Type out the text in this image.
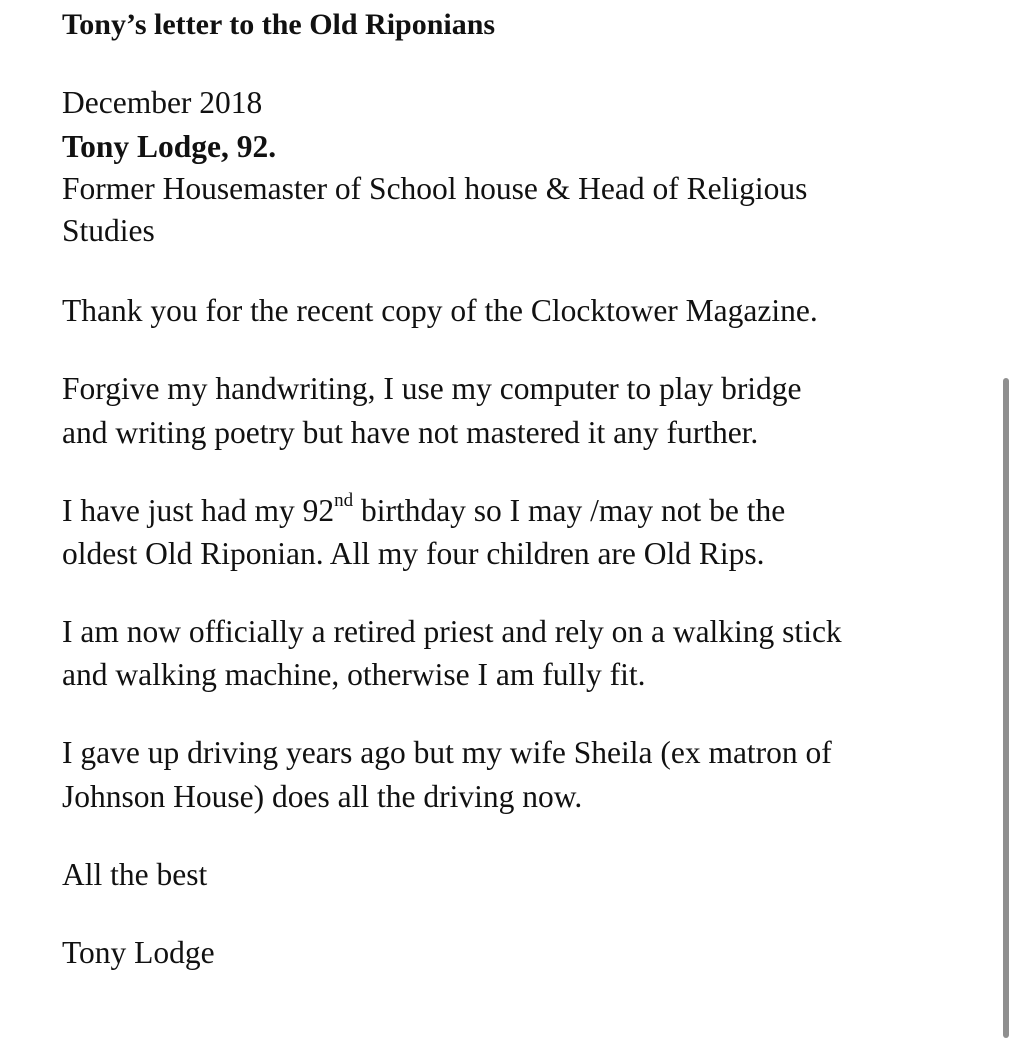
Tony’s letter to the Old Riponians
December 2018
Tony Lodge, 92.
Former Housemaster of School house & Head of Religious
Studies
Thank you for the recent copy of the Clocktower Magazine.
Forgive my handwriting, I use my computer to play bridge
and writing poetry but have not mastered it any further.
I have just had my 92nd birthday so I may /may not be the
oldest Old Riponian. All my four children are Old Rips.
I am now officially a retired priest and rely on a walking stick
and walking machine, otherwise I am fully fit.
I gave up driving years ago but my wife Sheila (ex matron of
Johnson House) does all the driving now.
All the best
Tony Lodge
